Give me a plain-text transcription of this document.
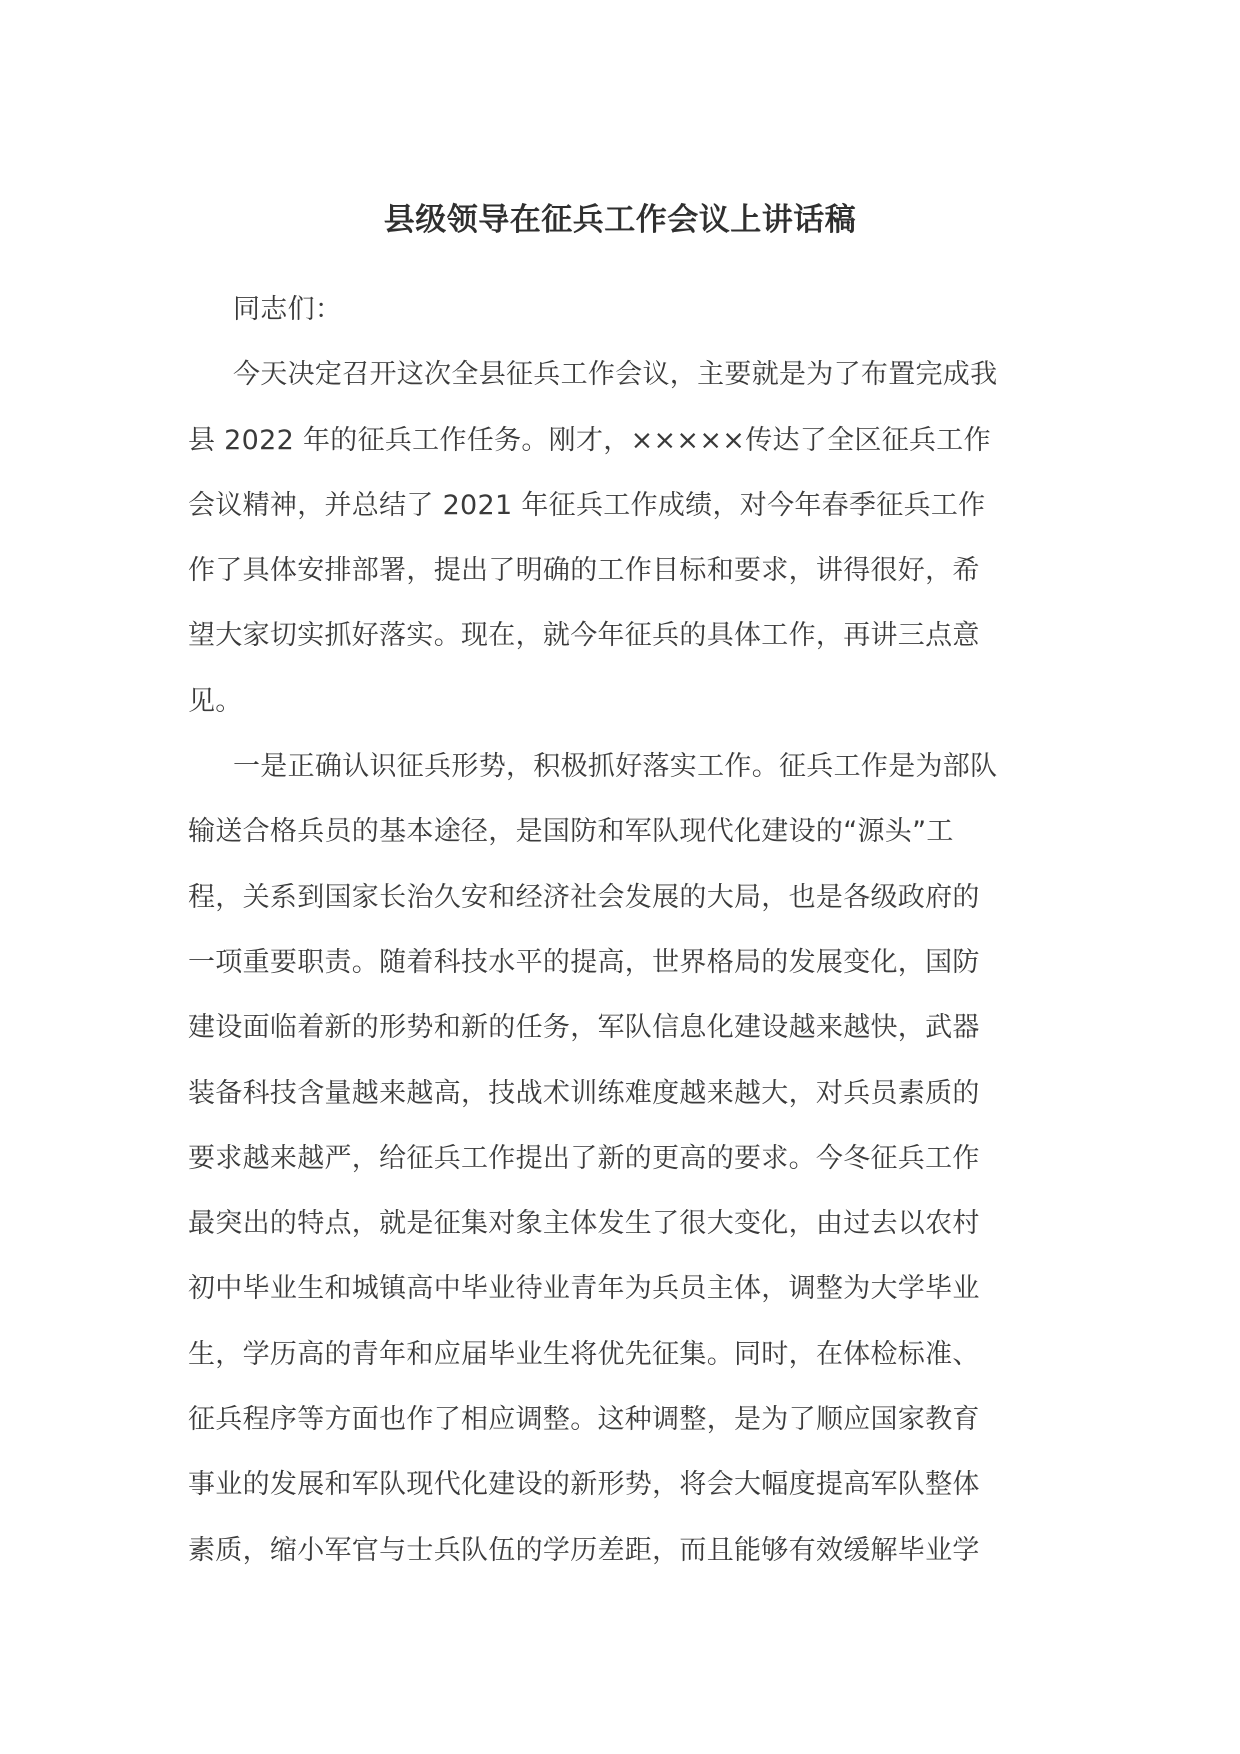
县级领导在征兵工作会议上讲话稿
同志们：
今天决定召开这次全县征兵工作会议，主要就是为了布置完成我
县 2022 年的征兵工作任务。刚才，×××××传达了全区征兵工作
会议精神，并总结了 2021 年征兵工作成绩，对今年春季征兵工作
作了具体安排部署，提出了明确的工作目标和要求，讲得很好，希
望大家切实抓好落实。现在，就今年征兵的具体工作，再讲三点意
见。
一是正确认识征兵形势，积极抓好落实工作。征兵工作是为部队
输送合格兵员的基本途径，是国防和军队现代化建设的“源头”工
程，关系到国家长治久安和经济社会发展的大局，也是各级政府的
一项重要职责。随着科技水平的提高，世界格局的发展变化，国防
建设面临着新的形势和新的任务，军队信息化建设越来越快，武器
装备科技含量越来越高，技战术训练难度越来越大，对兵员素质的
要求越来越严，给征兵工作提出了新的更高的要求。今冬征兵工作
最突出的特点，就是征集对象主体发生了很大变化，由过去以农村
初中毕业生和城镇高中毕业待业青年为兵员主体，调整为大学毕业
生，学历高的青年和应届毕业生将优先征集。同时，在体检标准、
征兵程序等方面也作了相应调整。这种调整，是为了顺应国家教育
事业的发展和军队现代化建设的新形势，将会大幅度提高军队整体
素质，缩小军官与士兵队伍的学历差距，而且能够有效缓解毕业学
